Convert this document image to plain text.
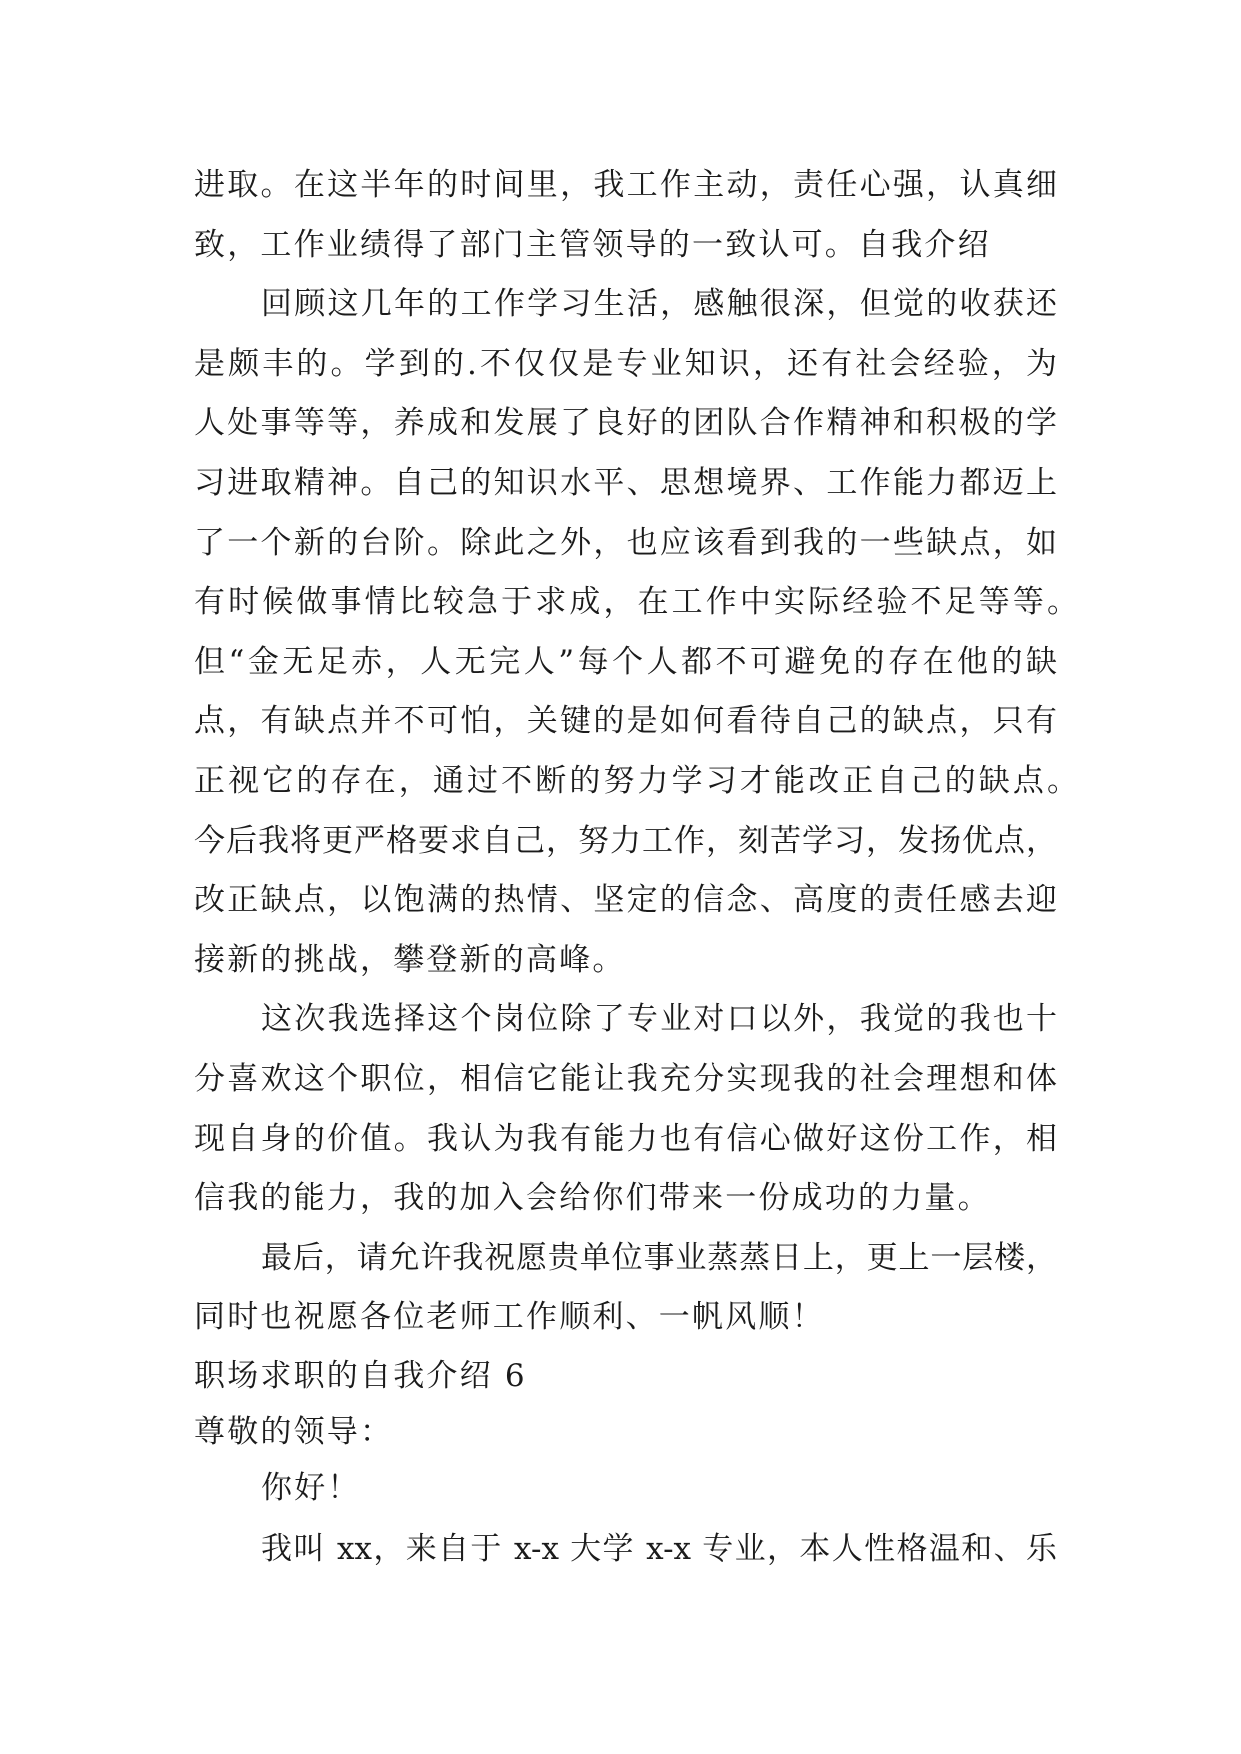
进取。在这半年的时间里，我工作主动，责任心强，认真细
致，工作业绩得了部门主管领导的一致认可。自我介绍
回顾这几年的工作学习生活，感触很深，但觉的收获还
是颇丰的。学到的.不仅仅是专业知识，还有社会经验，为
人处事等等，养成和发展了良好的团队合作精神和积极的学
习进取精神。自己的知识水平、思想境界、工作能力都迈上
了一个新的台阶。除此之外，也应该看到我的一些缺点，如
有时候做事情比较急于求成，在工作中实际经验不足等等。
但“金无足赤，人无完人”每个人都不可避免的存在他的缺
点，有缺点并不可怕，关键的是如何看待自己的缺点，只有
正视它的存在，通过不断的努力学习才能改正自己的缺点。
今后我将更严格要求自己，努力工作，刻苦学习，发扬优点，
改正缺点，以饱满的热情、坚定的信念、高度的责任感去迎
接新的挑战，攀登新的高峰。
这次我选择这个岗位除了专业对口以外，我觉的我也十
分喜欢这个职位，相信它能让我充分实现我的社会理想和体
现自身的价值。我认为我有能力也有信心做好这份工作，相
信我的能力，我的加入会给你们带来一份成功的力量。
最后，请允许我祝愿贵单位事业蒸蒸日上，更上一层楼，
同时也祝愿各位老师工作顺利、一帆风顺！
职场求职的自我介绍 6
尊敬的领导：
你好！
我叫 xx，来自于 x-x 大学 x-x 专业，本人性格温和、乐
